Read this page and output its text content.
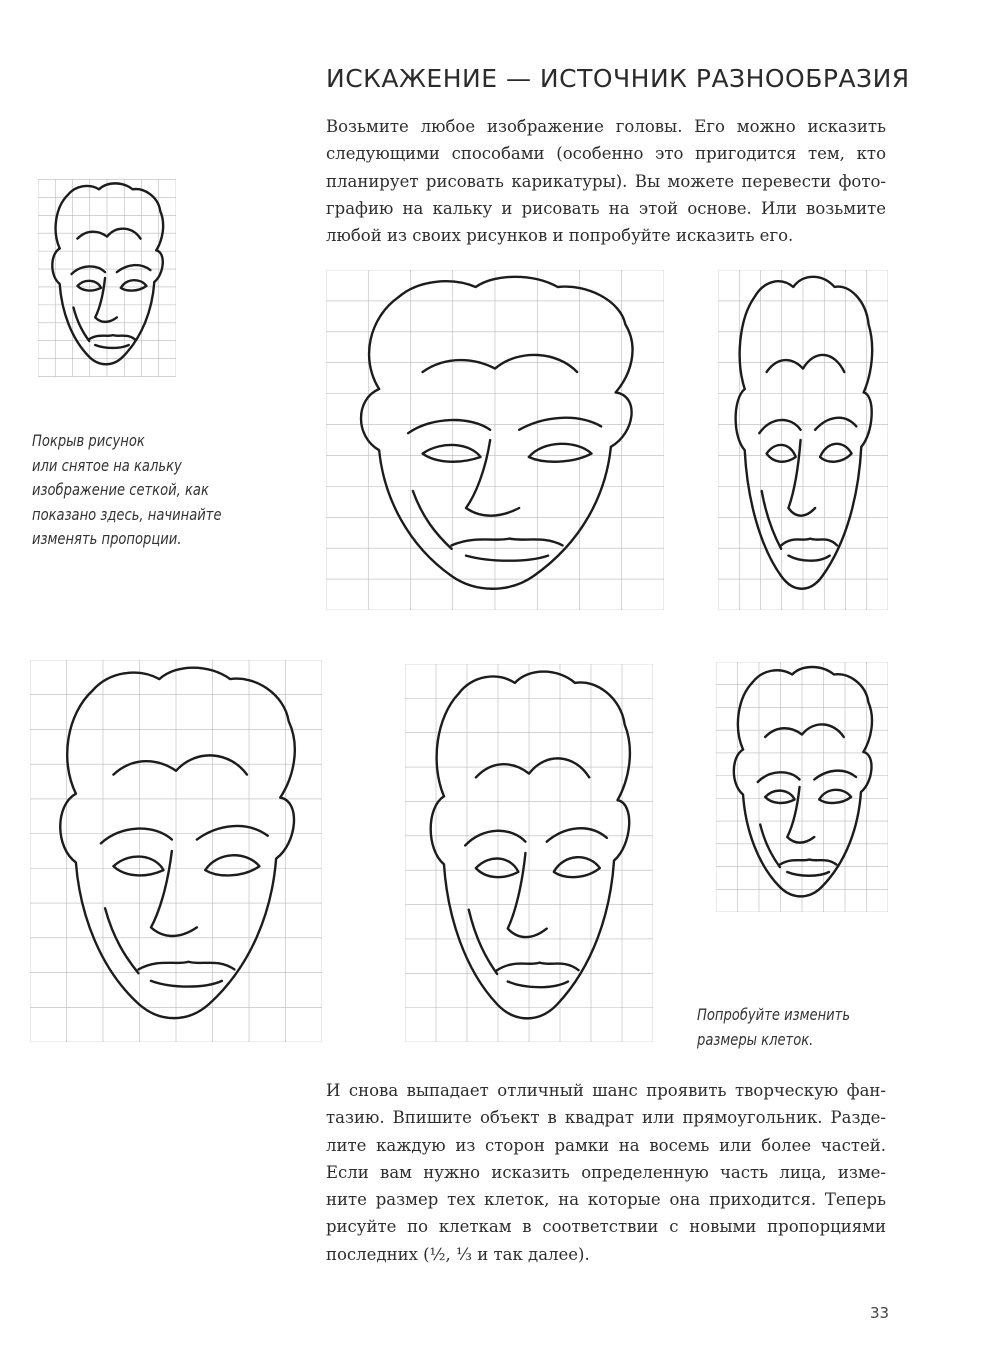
ИСКАЖЕНИЕ — ИСТОЧНИК РАЗНООБРАЗИЯ
Возьмите любое изображение головы. Его можно исказить
следующими способами (особенно это пригодится тем, кто
планирует рисовать карикатуры). Вы можете перевести фото-
графию на кальку и рисовать на этой основе. Или возьмите
любой из своих рисунков и попробуйте исказить его.
Покрыв рисунок
или снятое на кальку
изображение сеткой, как
показано здесь, начинайте
изменять пропорции.
Попробуйте изменить
размеры клеток.
И снова выпадает отличный шанс проявить творческую фан-
тазию. Впишите объект в квадрат или прямоугольник. Разде-
лите каждую из сторон рамки на восемь или более частей.
Если вам нужно исказить определенную часть лица, изме-
ните размер тех клеток, на которые она приходится. Теперь
рисуйте по клеткам в соответствии с новыми пропорциями
последних (½, ⅓ и так далее).
33
